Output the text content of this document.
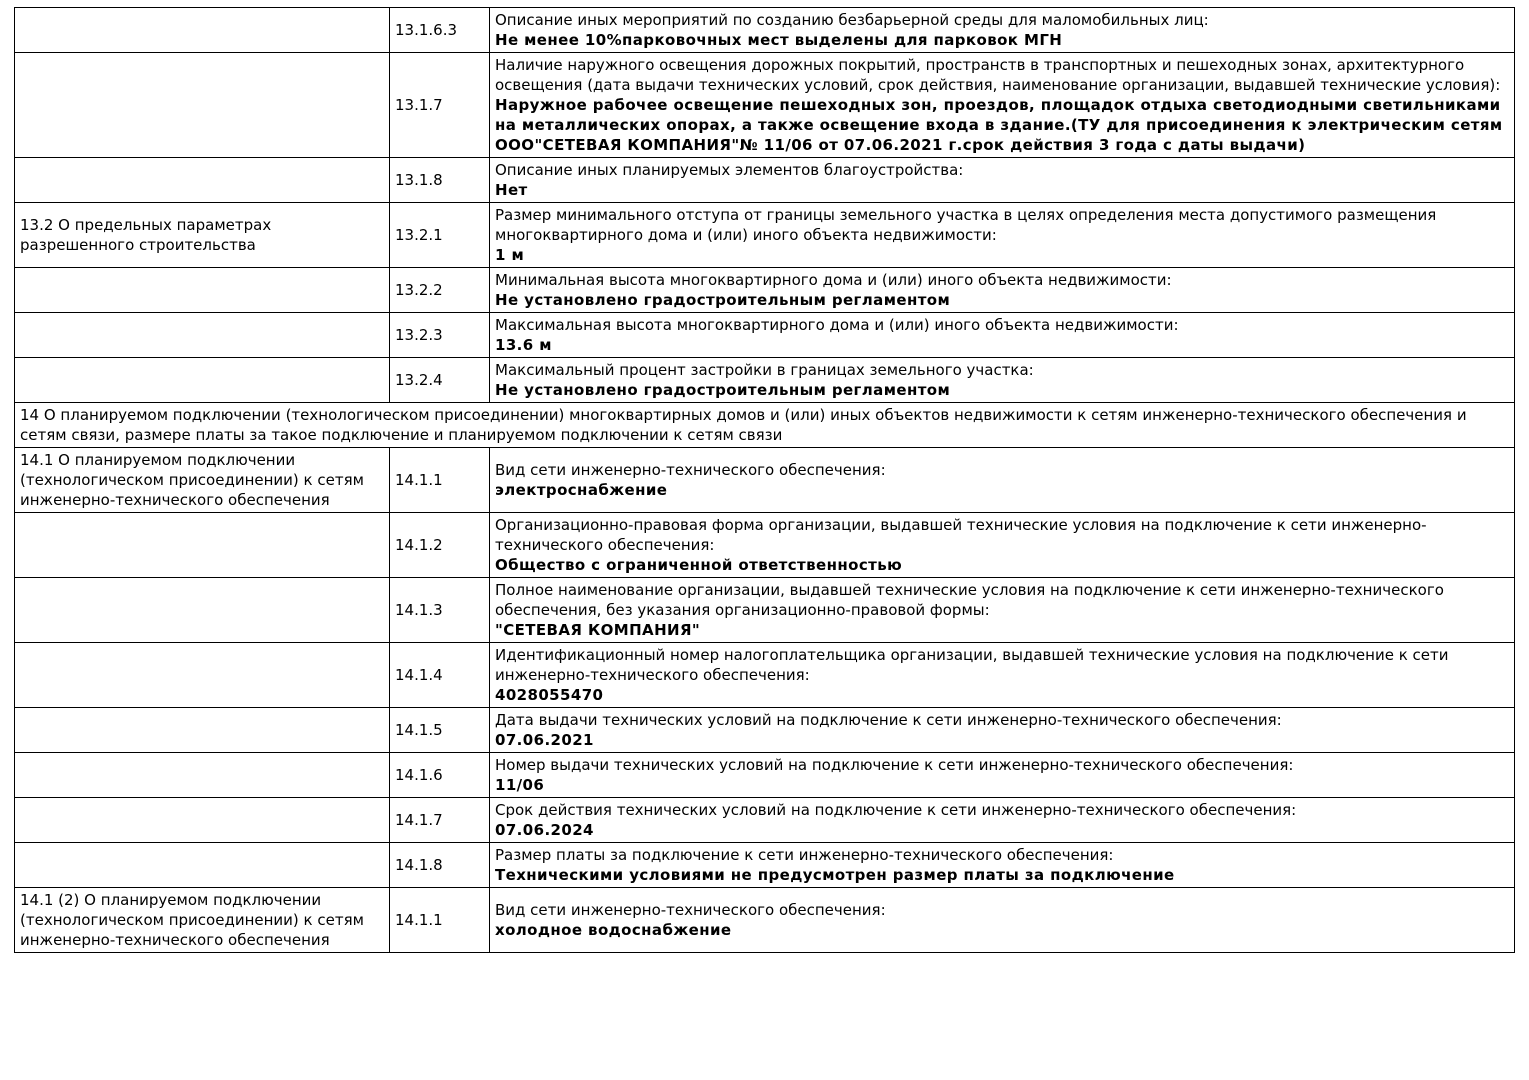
	13.1.6.3	Описание иных мероприятий по созданию безбарьерной среды для маломобильных лиц:
Не менее 10%парковочных мест выделены для парковок МГН

	13.1.7	Наличие наружного освещения дорожных покрытий, пространств в транспортных и пешеходных зонах, архитектурного освещения (дата выдачи технических условий, срок действия, наименование организации, выдавшей технические условия):
Наружное рабочее освещение пешеходных зон, проездов, площадок отдыха светодиодными светильниками на металлических опорах, а также освещение входа в здание.(ТУ для присоединения к электрическим сетям ООО"СЕТЕВАЯ КОМПАНИЯ"№ 11/06 от 07.06.2021 г.срок действия 3 года с даты выдачи)

	13.1.8	Описание иных планируемых элементов благоустройства:
Нет

13.2 О предельных параметрах разрешенного строительства	13.2.1	Размер минимального отступа от границы земельного участка в целях определения места допустимого размещения многоквартирного дома и (или) иного объекта недвижимости:
1 м

	13.2.2	Минимальная высота многоквартирного дома и (или) иного объекта недвижимости:
Не установлено градостроительным регламентом

	13.2.3	Максимальная высота многоквартирного дома и (или) иного объекта недвижимости:
13.6 м

	13.2.4	Максимальный процент застройки в границах земельного участка:
Не установлено градостроительным регламентом

14 О планируемом подключении (технологическом присоединении) многоквартирных домов и (или) иных объектов недвижимости к сетям инженерно-технического обеспечения и сетям связи, размере платы за такое подключение и планируемом подключении к сетям связи		
14.1 О планируемом подключении (технологическом присоединении) к сетям инженерно-технического обеспечения	14.1.1	Вид сети инженерно-технического обеспечения:
электроснабжение

	14.1.2	Организационно-правовая форма организации, выдавшей технические условия на подключение к сети инженерно-технического обеспечения:
Общество с ограниченной ответственностью

	14.1.3	Полное наименование организации, выдавшей технические условия на подключение к сети инженерно-технического обеспечения, без указания организационно-правовой формы:
"СЕТЕВАЯ КОМПАНИЯ"

	14.1.4	Идентификационный номер налогоплательщика организации, выдавшей технические условия на подключение к сети инженерно-технического обеспечения:
4028055470

	14.1.5	Дата выдачи технических условий на подключение к сети инженерно-технического обеспечения:
07.06.2021

	14.1.6	Номер выдачи технических условий на подключение к сети инженерно-технического обеспечения:
11/06

	14.1.7	Срок действия технических условий на подключение к сети инженерно-технического обеспечения:
07.06.2024

	14.1.8	Размер платы за подключение к сети инженерно-технического обеспечения:
Техническими условиями не предусмотрен размер платы за подключение

14.1 (2) О планируемом подключении (технологическом присоединении) к сетям инженерно-технического обеспечения	14.1.1	Вид сети инженерно-технического обеспечения:
холодное водоснабжение
